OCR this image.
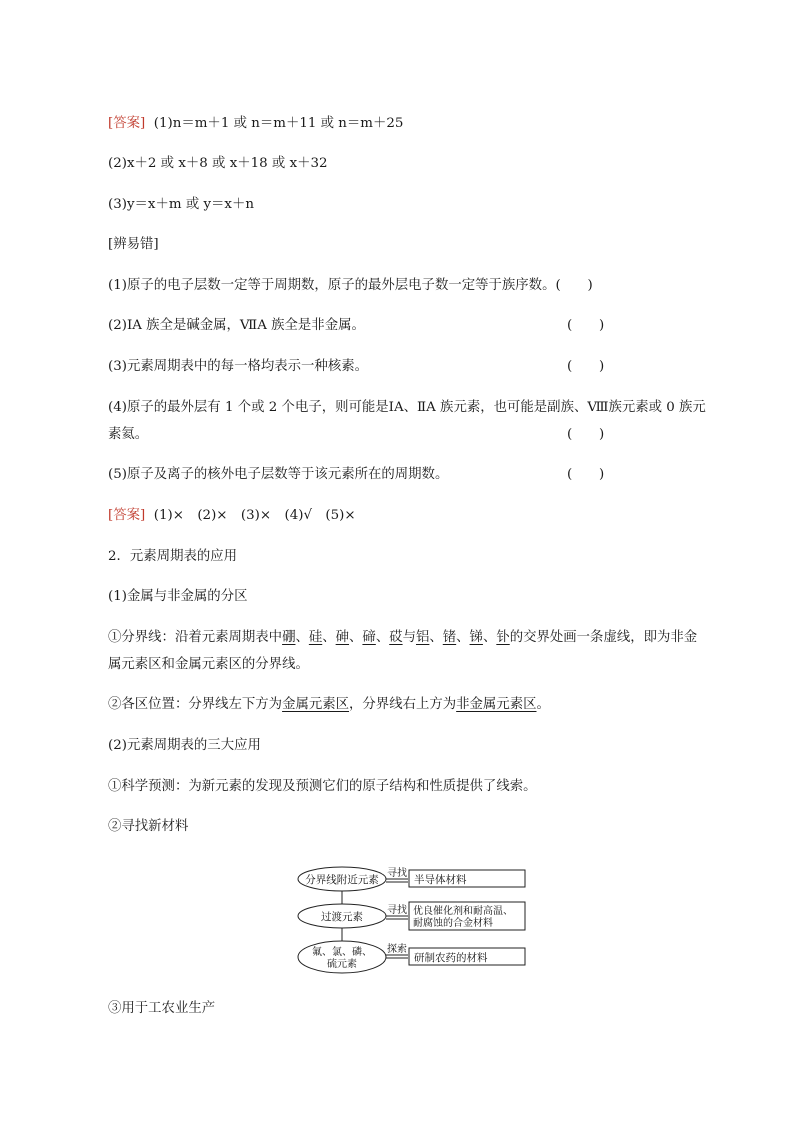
[答案] (1)n＝m＋1 或 n＝m＋11 或 n＝m＋25
(2)x＋2 或 x＋8 或 x＋18 或 x＋32
(3)y＝x＋m 或 y＝x＋n
[辨易错]
(1)原子的电子层数一定等于周期数，原子的最外层电子数一定等于族序数。(　　)
(2)ⅠA 族全是碱金属，ⅦA 族全是非金属。	(　　)
(3)元素周期表中的每一格均表示一种核素。	(　　)
(4)原子的最外层有 1 个或 2 个电子，则可能是ⅠA、ⅡA 族元素，也可能是副族、Ⅷ族元素或 0 族元
素氦。	(　　)
(5)原子及离子的核外电子层数等于该元素所在的周期数。	(　　)
[答案] (1)×　(2)×　(3)×　(4)√　(5)×
2．元素周期表的应用
(1)金属与非金属的分区
①分界线：沿着元素周期表中硼、硅、砷、碲、砹与铝、锗、锑、钋的交界处画一条虚线，即为非金
属元素区和金属元素区的分界线。
②各区位置：分界线左下方为金属元素区，分界线右上方为非金属元素区。
(2)元素周期表的三大应用
①科学预测：为新元素的发现及预测它们的原子结构和性质提供了线索。
②寻找新材料
分界线附近元素
寻找
半导体材料
过渡元素
寻找 优良催化剂和耐高温、
耐腐蚀的合金材料
氟、氯、磷、
硫元素
探索
研制农药的材料
③用于工农业生产
